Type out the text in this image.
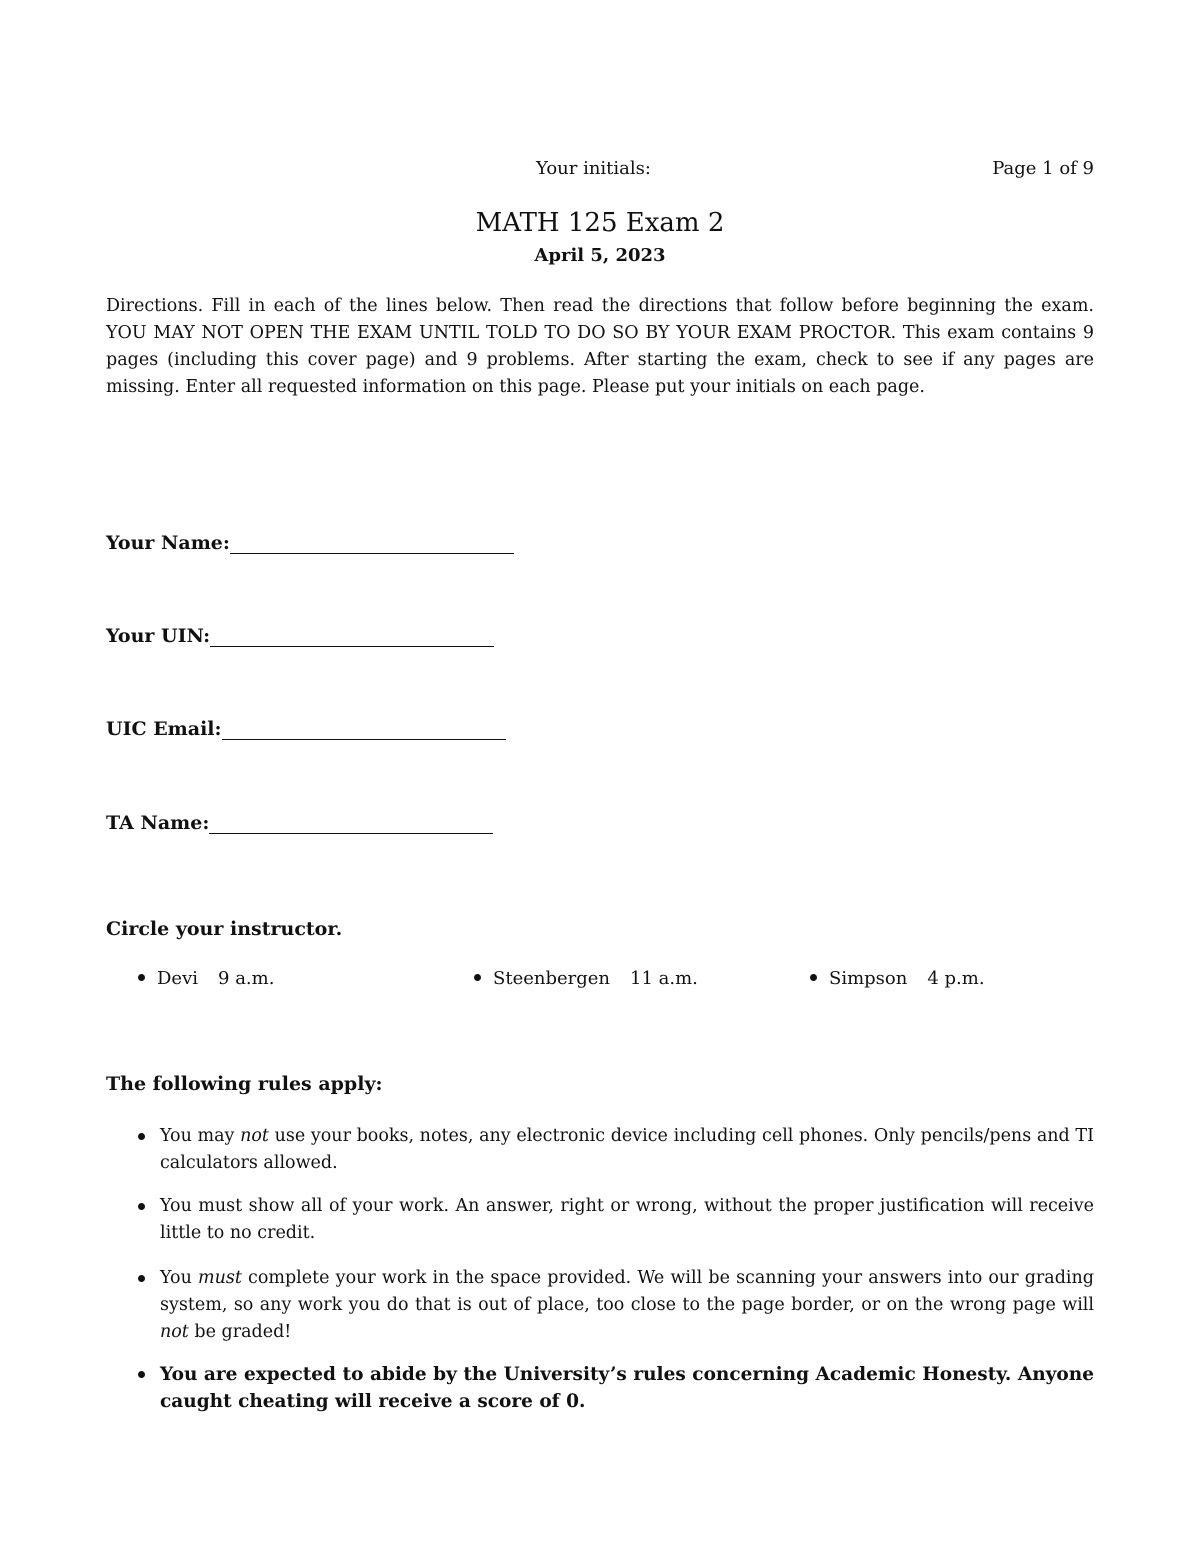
Your initials:	Page 1 of 9
MATH 125 Exam 2
April 5, 2023
Directions. Fill in each of the lines below. Then read the directions that follow before beginning the exam. YOU MAY NOT OPEN THE EXAM UNTIL TOLD TO DO SO BY YOUR EXAM PROCTOR. This exam contains 9 pages (including this cover page) and 9 problems. After starting the exam, check to see if any pages are missing. Enter all requested information on this page. Please put your initials on each page.
Your Name:
Your UIN:
UIC Email:
TA Name:
Circle your instructor.
Devi 9 a.m.	Steenbergen 11 a.m.	Simpson 4 p.m.
The following rules apply:
You may not use your books, notes, any electronic device including cell phones. Only pencils/pens and TI calculators allowed.
You must show all of your work. An answer, right or wrong, without the proper justification will receive little to no credit.
You must complete your work in the space provided. We will be scanning your answers into our grading system, so any work you do that is out of place, too close to the page border, or on the wrong page will not be graded!
You are expected to abide by the University’s rules concerning Academic Honesty. Anyone caught cheating will receive a score of 0.
